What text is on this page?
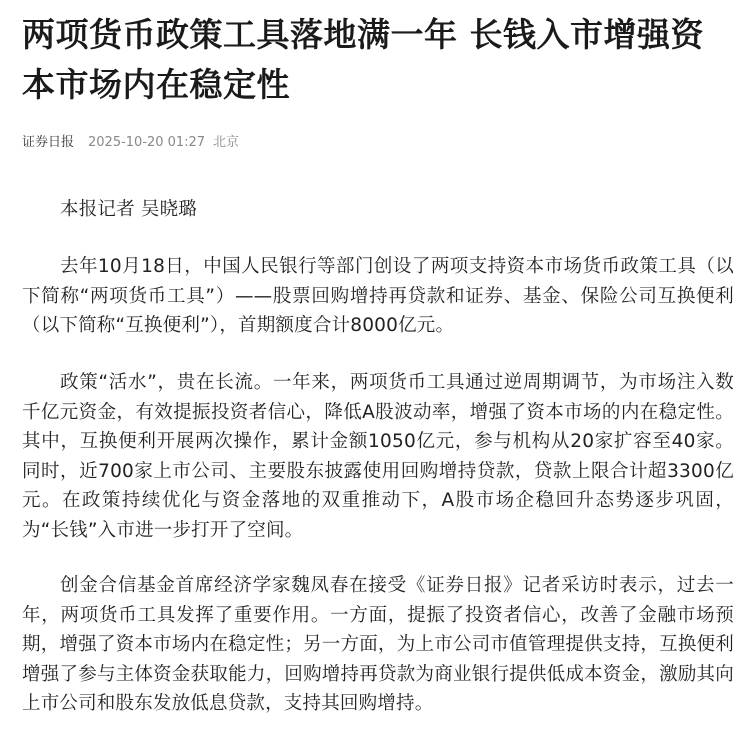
两项货币政策工具落地满一年 长钱入市增强资本市场内在稳定性
证券日报 2025-10-20 01:27 北京

本报记者 吴晓璐

去年10月18日，中国人民银行等部门创设了两项支持资本市场货币政策工具（以下简称“两项货币工具”）——股票回购增持再贷款和证券、基金、保险公司互换便利（以下简称“互换便利”），首期额度合计8000亿元。

政策“活水”，贵在长流。一年来，两项货币工具通过逆周期调节，为市场注入数千亿元资金，有效提振投资者信心，降低A股波动率，增强了资本市场的内在稳定性。其中，互换便利开展两次操作，累计金额1050亿元，参与机构从20家扩容至40家。同时，近700家上市公司、主要股东披露使用回购增持贷款，贷款上限合计超3300亿元。在政策持续优化与资金落地的双重推动下，A股市场企稳回升态势逐步巩固，为“长钱”入市进一步打开了空间。

创金合信基金首席经济学家魏凤春在接受《证券日报》记者采访时表示，过去一年，两项货币工具发挥了重要作用。一方面，提振了投资者信心，改善了金融市场预期，增强了资本市场内在稳定性；另一方面，为上市公司市值管理提供支持，互换便利增强了参与主体资金获取能力，回购增持再贷款为商业银行提供低成本资金，激励其向上市公司和股东发放低息贷款，支持其回购增持。
